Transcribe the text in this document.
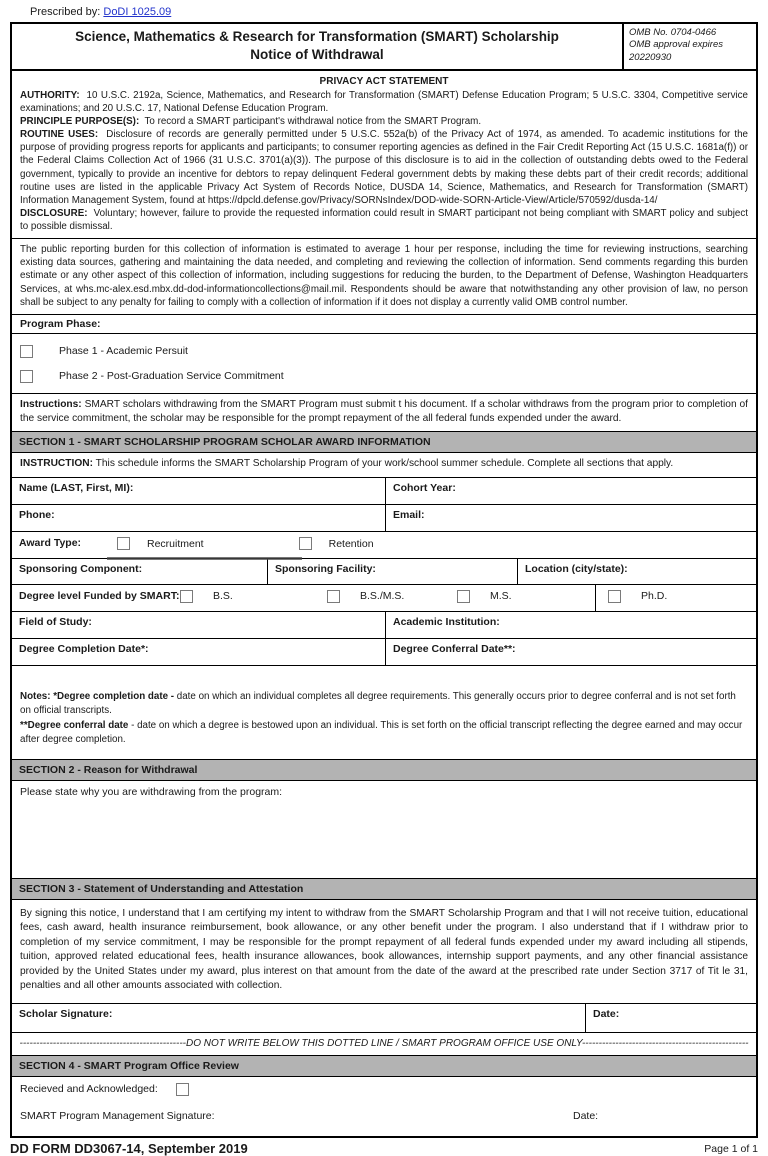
Prescribed by: DoDI 1025.09
Science, Mathematics & Research for Transformation (SMART) Scholarship
Notice of Withdrawal
OMB No. 0704-0466
OMB approval expires
20220930
PRIVACY ACT STATEMENT
AUTHORITY: 10 U.S.C. 2192a, Science, Mathematics, and Research for Transformation (SMART) Defense Education Program; 5 U.S.C. 3304, Competitive service examinations; and 20 U.S.C. 17, National Defense Education Program.
PRINCIPLE PURPOSE(S): To record a SMART participant's withdrawal notice from the SMART Program.
ROUTINE USES: Disclosure of records are generally permitted under 5 U.S.C. 552a(b) of the Privacy Act of 1974, as amended. To academic institutions for the purpose of providing progress reports for applicants and participants; to consumer reporting agencies as defined in the Fair Credit Reporting Act (15 U.S.C. 1681a(f)) or the Federal Claims Collection Act of 1966 (31 U.S.C. 3701(a)(3)). The purpose of this disclosure is to aid in the collection of outstanding debts owed to the Federal government, typically to provide an incentive for debtors to repay delinquent Federal government debts by making these debts part of their credit records; additional routine uses are listed in the applicable Privacy Act System of Records Notice, DUSDA 14, Science, Mathematics, and Research for Transformation (SMART) Information Management System, found at https://dpcld.defense.gov/Privacy/SORNsIndex/DOD-wide-SORN-Article-View/Article/570592/dusda-14/
DISCLOSURE: Voluntary; however, failure to provide the requested information could result in SMART participant not being compliant with SMART policy and subject to possible dismissal.
The public reporting burden for this collection of information is estimated to average 1 hour per response, including the time for reviewing instructions, searching existing data sources, gathering and maintaining the data needed, and completing and reviewing the collection of information. Send comments regarding this burden estimate or any other aspect of this collection of information, including suggestions for reducing the burden, to the Department of Defense, Washington Headquarters Services, at whs.mc-alex.esd.mbx.dd-dod-informationcollections@mail.mil. Respondents should be aware that notwithstanding any other provision of law, no person shall be subject to any penalty for failing to comply with a collection of information if it does not display a currently valid OMB control number.
Program Phase:
Phase 1 - Academic Persuit
Phase 2 - Post-Graduation Service Commitment
Instructions: SMART scholars withdrawing from the SMART Program must submit t his document. If a scholar withdraws from the program prior to completion of the service commitment, the scholar may be responsible for the prompt repayment of the all federal funds expended under the award.
SECTION 1 - SMART SCHOLARSHIP PROGRAM SCHOLAR AWARD INFORMATION
INSTRUCTION: This schedule informs the SMART Scholarship Program of your work/school summer schedule. Complete all sections that apply.
Name (LAST, First, MI):	Cohort Year:
Phone:	Email:
Award Type:	Recruitment	Retention
Sponsoring Component:	Sponsoring Facility:	Location (city/state):
Degree level Funded by SMART:	B.S.	B.S./M.S.	M.S.	Ph.D.
Field of Study:	Academic Institution:
Degree Completion Date*:	Degree Conferral Date**:
Notes: *Degree completion date - date on which an individual completes all degree requirements. This generally occurs prior to degree conferral and is not set forth on official transcripts.
**Degree conferral date - date on which a degree is bestowed upon an individual. This is set forth on the official transcript reflecting the degree earned and may occur after degree completion.
SECTION 2 - Reason for Withdrawal
Please state why you are withdrawing from the program:
SECTION 3 - Statement of Understanding and Attestation
By signing this notice, I understand that I am certifying my intent to withdraw from the SMART Scholarship Program and that I will not receive tuition, educational fees, cash award, health insurance reimbursement, book allowance, or any other benefit under the program. I also understand that if I withdraw prior to completion of my service commitment, I may be responsible for the prompt repayment of all federal funds expended under my award including all stipends, tuition, approved related educational fees, health insurance allowances, book allowances, internship support payments, and any other financial assistance provided by the United States under my award, plus interest on that amount from the date of the award at the prescribed rate under Section 3717 of Tit le 31, penalties and all other amounts associated with collection.
Scholar Signature:	Date:
--------------------------------------------------DO NOT WRITE BELOW THIS DOTTED LINE / SMART PROGRAM OFFICE USE ONLY--------------------------------------------------
SECTION 4 - SMART Program Office Review
Recieved and Acknowledged:
SMART Program Management Signature:	Date:
DD FORM DD3067-14, September 2019	Page 1 of 1
